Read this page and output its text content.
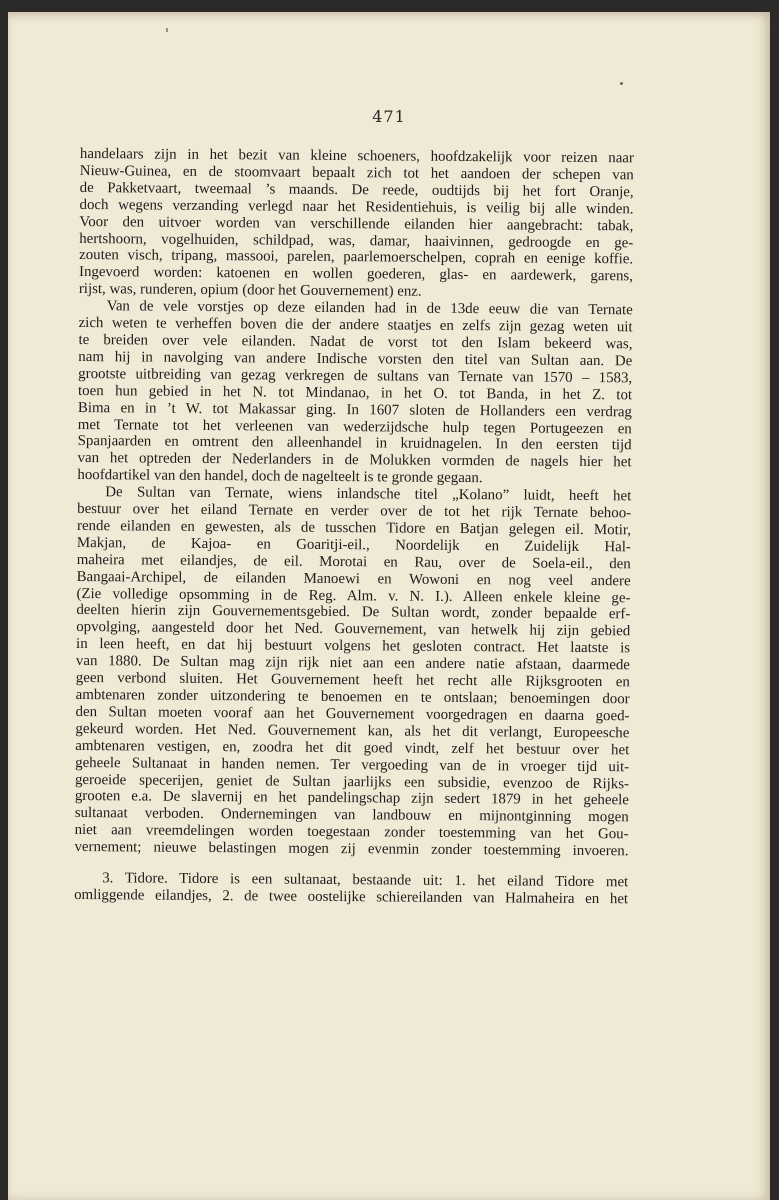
471
handelaars zijn in het bezit van kleine schoeners, hoofdzakelijk voor reizen naar
Nieuw-Guinea, en de stoomvaart bepaalt zich tot het aandoen der schepen van
de Pakketvaart, tweemaal ’s maands. De reede, oudtijds bij het fort Oranje,
doch wegens verzanding verlegd naar het Residentiehuis, is veilig bij alle winden.
Voor den uitvoer worden van verschillende eilanden hier aangebracht: tabak,
hertshoorn, vogelhuiden, schildpad, was, damar, haaivinnen, gedroogde en ge-
zouten visch, tripang, massooi, parelen, paarlemoerschelpen, coprah en eenige koffie.
Ingevoerd worden: katoenen en wollen goederen, glas- en aardewerk, garens,
rijst, was, runderen, opium (door het Gouvernement) enz.
Van de vele vorstjes op deze eilanden had in de 13de eeuw die van Ternate
zich weten te verheffen boven die der andere staatjes en zelfs zijn gezag weten uit
te breiden over vele eilanden. Nadat de vorst tot den Islam bekeerd was,
nam hij in navolging van andere Indische vorsten den titel van Sultan aan. De
grootste uitbreiding van gezag verkregen de sultans van Ternate van 1570 – 1583,
toen hun gebied in het N. tot Mindanao, in het O. tot Banda, in het Z. tot
Bima en in ’t W. tot Makassar ging. In 1607 sloten de Hollanders een verdrag
met Ternate tot het verleenen van wederzijdsche hulp tegen Portugeezen en
Spanjaarden en omtrent den alleenhandel in kruidnagelen. In den eersten tijd
van het optreden der Nederlanders in de Molukken vormden de nagels hier het
hoofdartikel van den handel, doch de nagelteelt is te gronde gegaan.
De Sultan van Ternate, wiens inlandsche titel „Kolano” luidt, heeft het
bestuur over het eiland Ternate en verder over de tot het rijk Ternate behoo-
rende eilanden en gewesten, als de tusschen Tidore en Batjan gelegen eil. Motir,
Makjan, de Kajoa- en Goaritji-eil., Noordelijk en Zuidelijk Hal-
maheira met eilandjes, de eil. Morotai en Rau, over de Soela-eil., den
Bangaai-Archipel, de eilanden Manoewi en Wowoni en nog veel andere
(Zie volledige opsomming in de Reg. Alm. v. N. I.). Alleen enkele kleine ge-
deelten hierin zijn Gouvernementsgebied. De Sultan wordt, zonder bepaalde erf-
opvolging, aangesteld door het Ned. Gouvernement, van hetwelk hij zijn gebied
in leen heeft, en dat hij bestuurt volgens het gesloten contract. Het laatste is
van 1880. De Sultan mag zijn rijk niet aan een andere natie afstaan, daarmede
geen verbond sluiten. Het Gouvernement heeft het recht alle Rijksgrooten en
ambtenaren zonder uitzondering te benoemen en te ontslaan; benoemingen door
den Sultan moeten vooraf aan het Gouvernement voorgedragen en daarna goed-
gekeurd worden. Het Ned. Gouvernement kan, als het dit verlangt, Europeesche
ambtenaren vestigen, en, zoodra het dit goed vindt, zelf het bestuur over het
geheele Sultanaat in handen nemen. Ter vergoeding van de in vroeger tijd uit-
geroeide specerijen, geniet de Sultan jaarlijks een subsidie, evenzoo de Rijks-
grooten e.a. De slavernij en het pandelingschap zijn sedert 1879 in het geheele
sultanaat verboden. Ondernemingen van landbouw en mijnontginning mogen
niet aan vreemdelingen worden toegestaan zonder toestemming van het Gou-
vernement; nieuwe belastingen mogen zij evenmin zonder toestemming invoeren.
3. Tidore. Tidore is een sultanaat, bestaande uit: 1. het eiland Tidore met
omliggende eilandjes, 2. de twee oostelijke schiereilanden van Halmaheira en het
